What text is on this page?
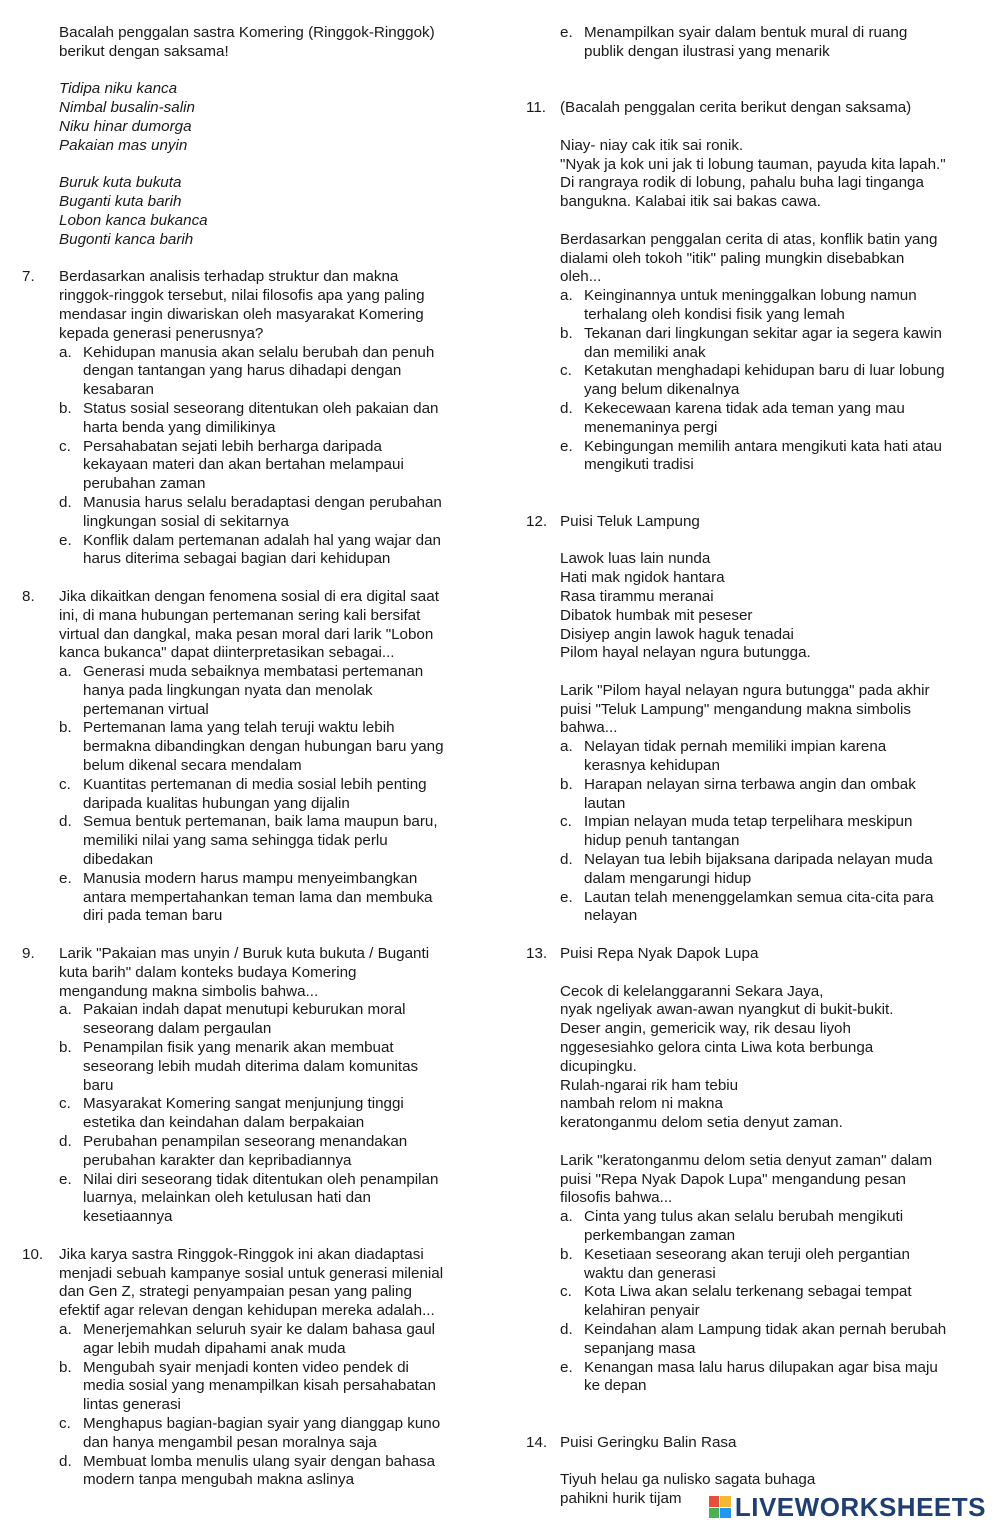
Bacalah penggalan sastra Komering (Ringgok-Ringgok)
berikut dengan saksama!
Tidipa niku kanca
Nimbal busalin-salin
Niku hinar dumorga
Pakaian mas unyin
Buruk kuta bukuta
Buganti kuta barih
Lobon kanca bukanca
Bugonti kanca barih
7. Berdasarkan analisis terhadap struktur dan makna
ringgok-ringgok tersebut, nilai filosofis apa yang paling
mendasar ingin diwariskan oleh masyarakat Komering
kepada generasi penerusnya?
a. Kehidupan manusia akan selalu berubah dan penuh
dengan tantangan yang harus dihadapi dengan
kesabaran
b. Status sosial seseorang ditentukan oleh pakaian dan
harta benda yang dimilikinya
c. Persahabatan sejati lebih berharga daripada
kekayaan materi dan akan bertahan melampaui
perubahan zaman
d. Manusia harus selalu beradaptasi dengan perubahan
lingkungan sosial di sekitarnya
e. Konflik dalam pertemanan adalah hal yang wajar dan
harus diterima sebagai bagian dari kehidupan
8. Jika dikaitkan dengan fenomena sosial di era digital saat
ini, di mana hubungan pertemanan sering kali bersifat
virtual dan dangkal, maka pesan moral dari larik "Lobon
kanca bukanca" dapat diinterpretasikan sebagai...
a. Generasi muda sebaiknya membatasi pertemanan
hanya pada lingkungan nyata dan menolak
pertemanan virtual
b. Pertemanan lama yang telah teruji waktu lebih
bermakna dibandingkan dengan hubungan baru yang
belum dikenal secara mendalam
c. Kuantitas pertemanan di media sosial lebih penting
daripada kualitas hubungan yang dijalin
d. Semua bentuk pertemanan, baik lama maupun baru,
memiliki nilai yang sama sehingga tidak perlu
dibedakan
e. Manusia modern harus mampu menyeimbangkan
antara mempertahankan teman lama dan membuka
diri pada teman baru
9. Larik "Pakaian mas unyin / Buruk kuta bukuta / Buganti
kuta barih" dalam konteks budaya Komering
mengandung makna simbolis bahwa...
a. Pakaian indah dapat menutupi keburukan moral
seseorang dalam pergaulan
b. Penampilan fisik yang menarik akan membuat
seseorang lebih mudah diterima dalam komunitas
baru
c. Masyarakat Komering sangat menjunjung tinggi
estetika dan keindahan dalam berpakaian
d. Perubahan penampilan seseorang menandakan
perubahan karakter dan kepribadiannya
e. Nilai diri seseorang tidak ditentukan oleh penampilan
luarnya, melainkan oleh ketulusan hati dan
kesetiaannya
10. Jika karya sastra Ringgok-Ringgok ini akan diadaptasi
menjadi sebuah kampanye sosial untuk generasi milenial
dan Gen Z, strategi penyampaian pesan yang paling
efektif agar relevan dengan kehidupan mereka adalah...
a. Menerjemahkan seluruh syair ke dalam bahasa gaul
agar lebih mudah dipahami anak muda
b. Mengubah syair menjadi konten video pendek di
media sosial yang menampilkan kisah persahabatan
lintas generasi
c. Menghapus bagian-bagian syair yang dianggap kuno
dan hanya mengambil pesan moralnya saja
d. Membuat lomba menulis ulang syair dengan bahasa
modern tanpa mengubah makna aslinya
e. Menampilkan syair dalam bentuk mural di ruang
publik dengan ilustrasi yang menarik
11. (Bacalah penggalan cerita berikut dengan saksama)
Niay- niay cak itik sai ronik.
"Nyak ja kok uni jak ti lobung tauman, payuda kita lapah."
Di rangraya rodik di lobung, pahalu buha lagi tinganga
bangukna. Kalabai itik sai bakas cawa.
Berdasarkan penggalan cerita di atas, konflik batin yang
dialami oleh tokoh "itik" paling mungkin disebabkan
oleh...
a. Keinginannya untuk meninggalkan lobung namun
terhalang oleh kondisi fisik yang lemah
b. Tekanan dari lingkungan sekitar agar ia segera kawin
dan memiliki anak
c. Ketakutan menghadapi kehidupan baru di luar lobung
yang belum dikenalnya
d. Kekecewaan karena tidak ada teman yang mau
menemaninya pergi
e. Kebingungan memilih antara mengikuti kata hati atau
mengikuti tradisi
12. Puisi Teluk Lampung
Lawok luas lain nunda
Hati mak ngidok hantara
Rasa tirammu meranai
Dibatok humbak mit peseser
Disiyep angin lawok haguk tenadai
Pilom hayal nelayan ngura butungga.
Larik "Pilom hayal nelayan ngura butungga" pada akhir
puisi "Teluk Lampung" mengandung makna simbolis
bahwa...
a. Nelayan tidak pernah memiliki impian karena
kerasnya kehidupan
b. Harapan nelayan sirna terbawa angin dan ombak
lautan
c. Impian nelayan muda tetap terpelihara meskipun
hidup penuh tantangan
d. Nelayan tua lebih bijaksana daripada nelayan muda
dalam mengarungi hidup
e. Lautan telah menenggelamkan semua cita-cita para
nelayan
13. Puisi Repa Nyak Dapok Lupa
Cecok di kelelanggaranni Sekara Jaya,
nyak ngeliyak awan-awan nyangkut di bukit-bukit.
Deser angin, gemericik way, rik desau liyoh
nggesesiahko gelora cinta Liwa kota berbunga
dicupingku.
Rulah-ngarai rik ham tebiu
nambah relom ni makna
keratonganmu delom setia denyut zaman.
Larik "keratonganmu delom setia denyut zaman" dalam
puisi "Repa Nyak Dapok Lupa" mengandung pesan
filosofis bahwa...
a. Cinta yang tulus akan selalu berubah mengikuti
perkembangan zaman
b. Kesetiaan seseorang akan teruji oleh pergantian
waktu dan generasi
c. Kota Liwa akan selalu terkenang sebagai tempat
kelahiran penyair
d. Keindahan alam Lampung tidak akan pernah berubah
sepanjang masa
e. Kenangan masa lalu harus dilupakan agar bisa maju
ke depan
14. Puisi Geringku Balin Rasa
Tiyuh helau ga nulisko sagata buhaga
pahikni hurik tijam	LIVEWORKSHEETS
